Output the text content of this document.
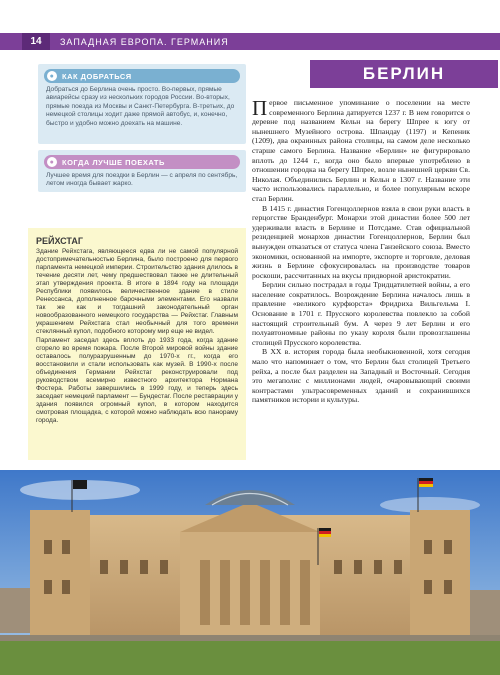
14	ЗАПАДНАЯ ЕВРОПА. ГЕРМАНИЯ
БЕРЛИН
●	КАК ДОБРАТЬСЯ
Добраться до Берлина очень просто. Во-первых, прямые авиарейсы сразу из нескольких городов России. Во-вторых, прямые поезда из Москвы и Санкт-Петербурга. В-третьих, до немецкой столицы ходит даже прямой автобус, и, конечно, быстро и удобно можно доехать на машине.
●	КОГДА ЛУЧШЕ ПОЕХАТЬ
Лучшее время для поездки в Берлин — с апреля по сентябрь, летом иногда бывает жарко.
РЕЙХСТАГ

Здание Рейхстага, являющееся едва ли не самой популярной достопримечательностью Берлина, было построено для первого парламента немецкой империи. Строительство здания длилось в течение десяти лет, чему предшествовал также не длительный этап утверждения проекта. В итоге в 1894 году на площади Республики появилось величественное здание в стиле Ренессанса, дополненное барочными элементами. Его назвали так же как и тогдашний законодательный орган новообразованного немецкого государства — Рейхстаг. Главным украшением Рейхстага стал необычный для того времени стеклянный купол, подобного которому мир еще не видел.

Парламент заседал здесь вплоть до 1933 года, когда здание сгорело во время пожара. После Второй мировой войны здание оставалось полуразрушенным до 1970-х гг., когда его восстановили и стали использовать как музей. В 1990-х после объединения Германии Рейхстаг реконструировали под руководством всемирно известного архитектора Нормана Фостера. Работы завершились в 1999 году, и теперь здесь заседает немецкий парламент — Бундестаг. После реставрации у здания появился огромный купол, в котором находится смотровая площадка, с которой можно наблюдать всю панораму города.

Первое письменное упоминание о поселении на месте современного Берлина датируется 1237 г. В нем говорится о деревне под названием Кельн на берегу Шпрее к югу от нынешнего Музейного острова. Шпандау (1197) и Кепеник (1209), два окраинных района столицы, на самом деле несколько старше самого Берлина. Название «Берлин» не фигурировало вплоть до 1244 г., когда оно было впервые употреблено в отношении городка на берегу Шпрее, возле нынешней церкви Св. Николая. Объединились Берлин и Кельн в 1307 г. Название эти часто использовались параллельно, и более популярным вскоре стал Берлин.

В 1415 г. династия Гогенцоллернов взяла в свои руки власть в герцогстве Бранденбург. Монархи этой династии более 500 лет удерживали власть в Берлине и Потсдаме. Став официальной резиденцией монархов династии Гогенцоллернов, Берлин был вынужден отказаться от статуса члена Ганзейского союза. Вместо экономики, основанной на импорте, экспорте и торговле, деловая жизнь в Берлине сфокусировалась на производстве товаров роскоши, рассчитанных на вкусы придворной аристократии.

Берлин сильно пострадал в годы Тридцатилетней войны, а его население сократилось. Возрождение Берлина началось лишь в правление «великого курфюрста» Фридриха Вильгельма I. Основание в 1701 г. Прусского королевства повлекло за собой настоящий строительный бум. А через 9 лет Берлин и его полуавтономные районы по указу короля были провозглашены столицей Прусского королевства.

В XX в. история города была необыкновенной, хотя сегодня мало что напоминает о том, что Берлин был столицей Третьего рейха, а после был разделен на Западный и Восточный. Сегодня это мегаполис с миллионами людей, очаровывающий своими контрастами ультрасовременных зданий и сохранившихся памятников истории и культуры.
